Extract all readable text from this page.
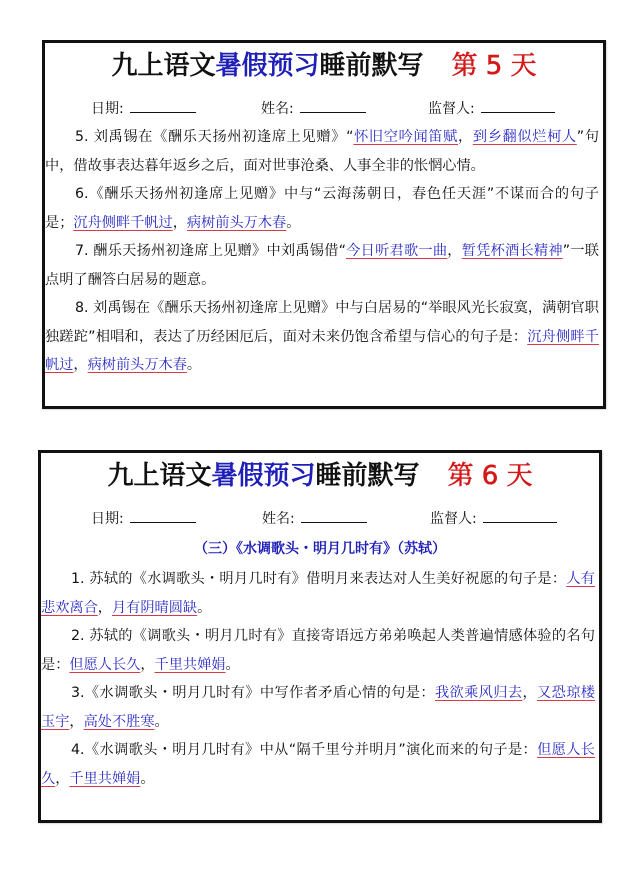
九上语文暑假预习睡前默写 第 5 天
日期:	姓名:	监督人:

5. 刘禹锡在《酬乐天扬州初逢席上见赠》“怀旧空吟闻笛赋，到乡翻似烂柯人”句中，借故事表达暮年返乡之后，面对世事沧桑、人事全非的怅惘心情。

6.《酬乐天扬州初逢席上见赠》中与“云海荡朝日，春色任天涯”不谋而合的句子是；沉舟侧畔千帆过，病树前头万木春。

7. 酬乐天扬州初逢席上见赠》中刘禹锡借“今日听君歌一曲，暂凭杯酒长精神”一联点明了酬答白居易的题意。

8. 刘禹锡在《酬乐天扬州初逢席上见赠》中与白居易的“举眼风光长寂寞，满朝官职独蹉跎”相唱和，表达了历经困厄后，面对未来仍饱含希望与信心的句子是：沉舟侧畔千帆过，病树前头万木春。

九上语文暑假预习睡前默写 第 6 天
日期:	姓名:	监督人:
（三）《水调歌头・明月几时有》（苏轼）

1. 苏轼的《水调歌头・明月几时有》借明月来表达对人生美好祝愿的句子是：人有悲欢离合，月有阴晴圆缺。

2. 苏轼的《调歌头・明月几时有》直接寄语远方弟弟唤起人类普遍情感体验的名句是：但愿人长久，千里共婵娟。

3.《水调歌头・明月几时有》中写作者矛盾心情的句是：我欲乘风归去，又恐琼楼玉宇，高处不胜寒。

4.《水调歌头・明月几时有》中从“隔千里兮并明月”演化而来的句子是：但愿人长久，千里共婵娟。
